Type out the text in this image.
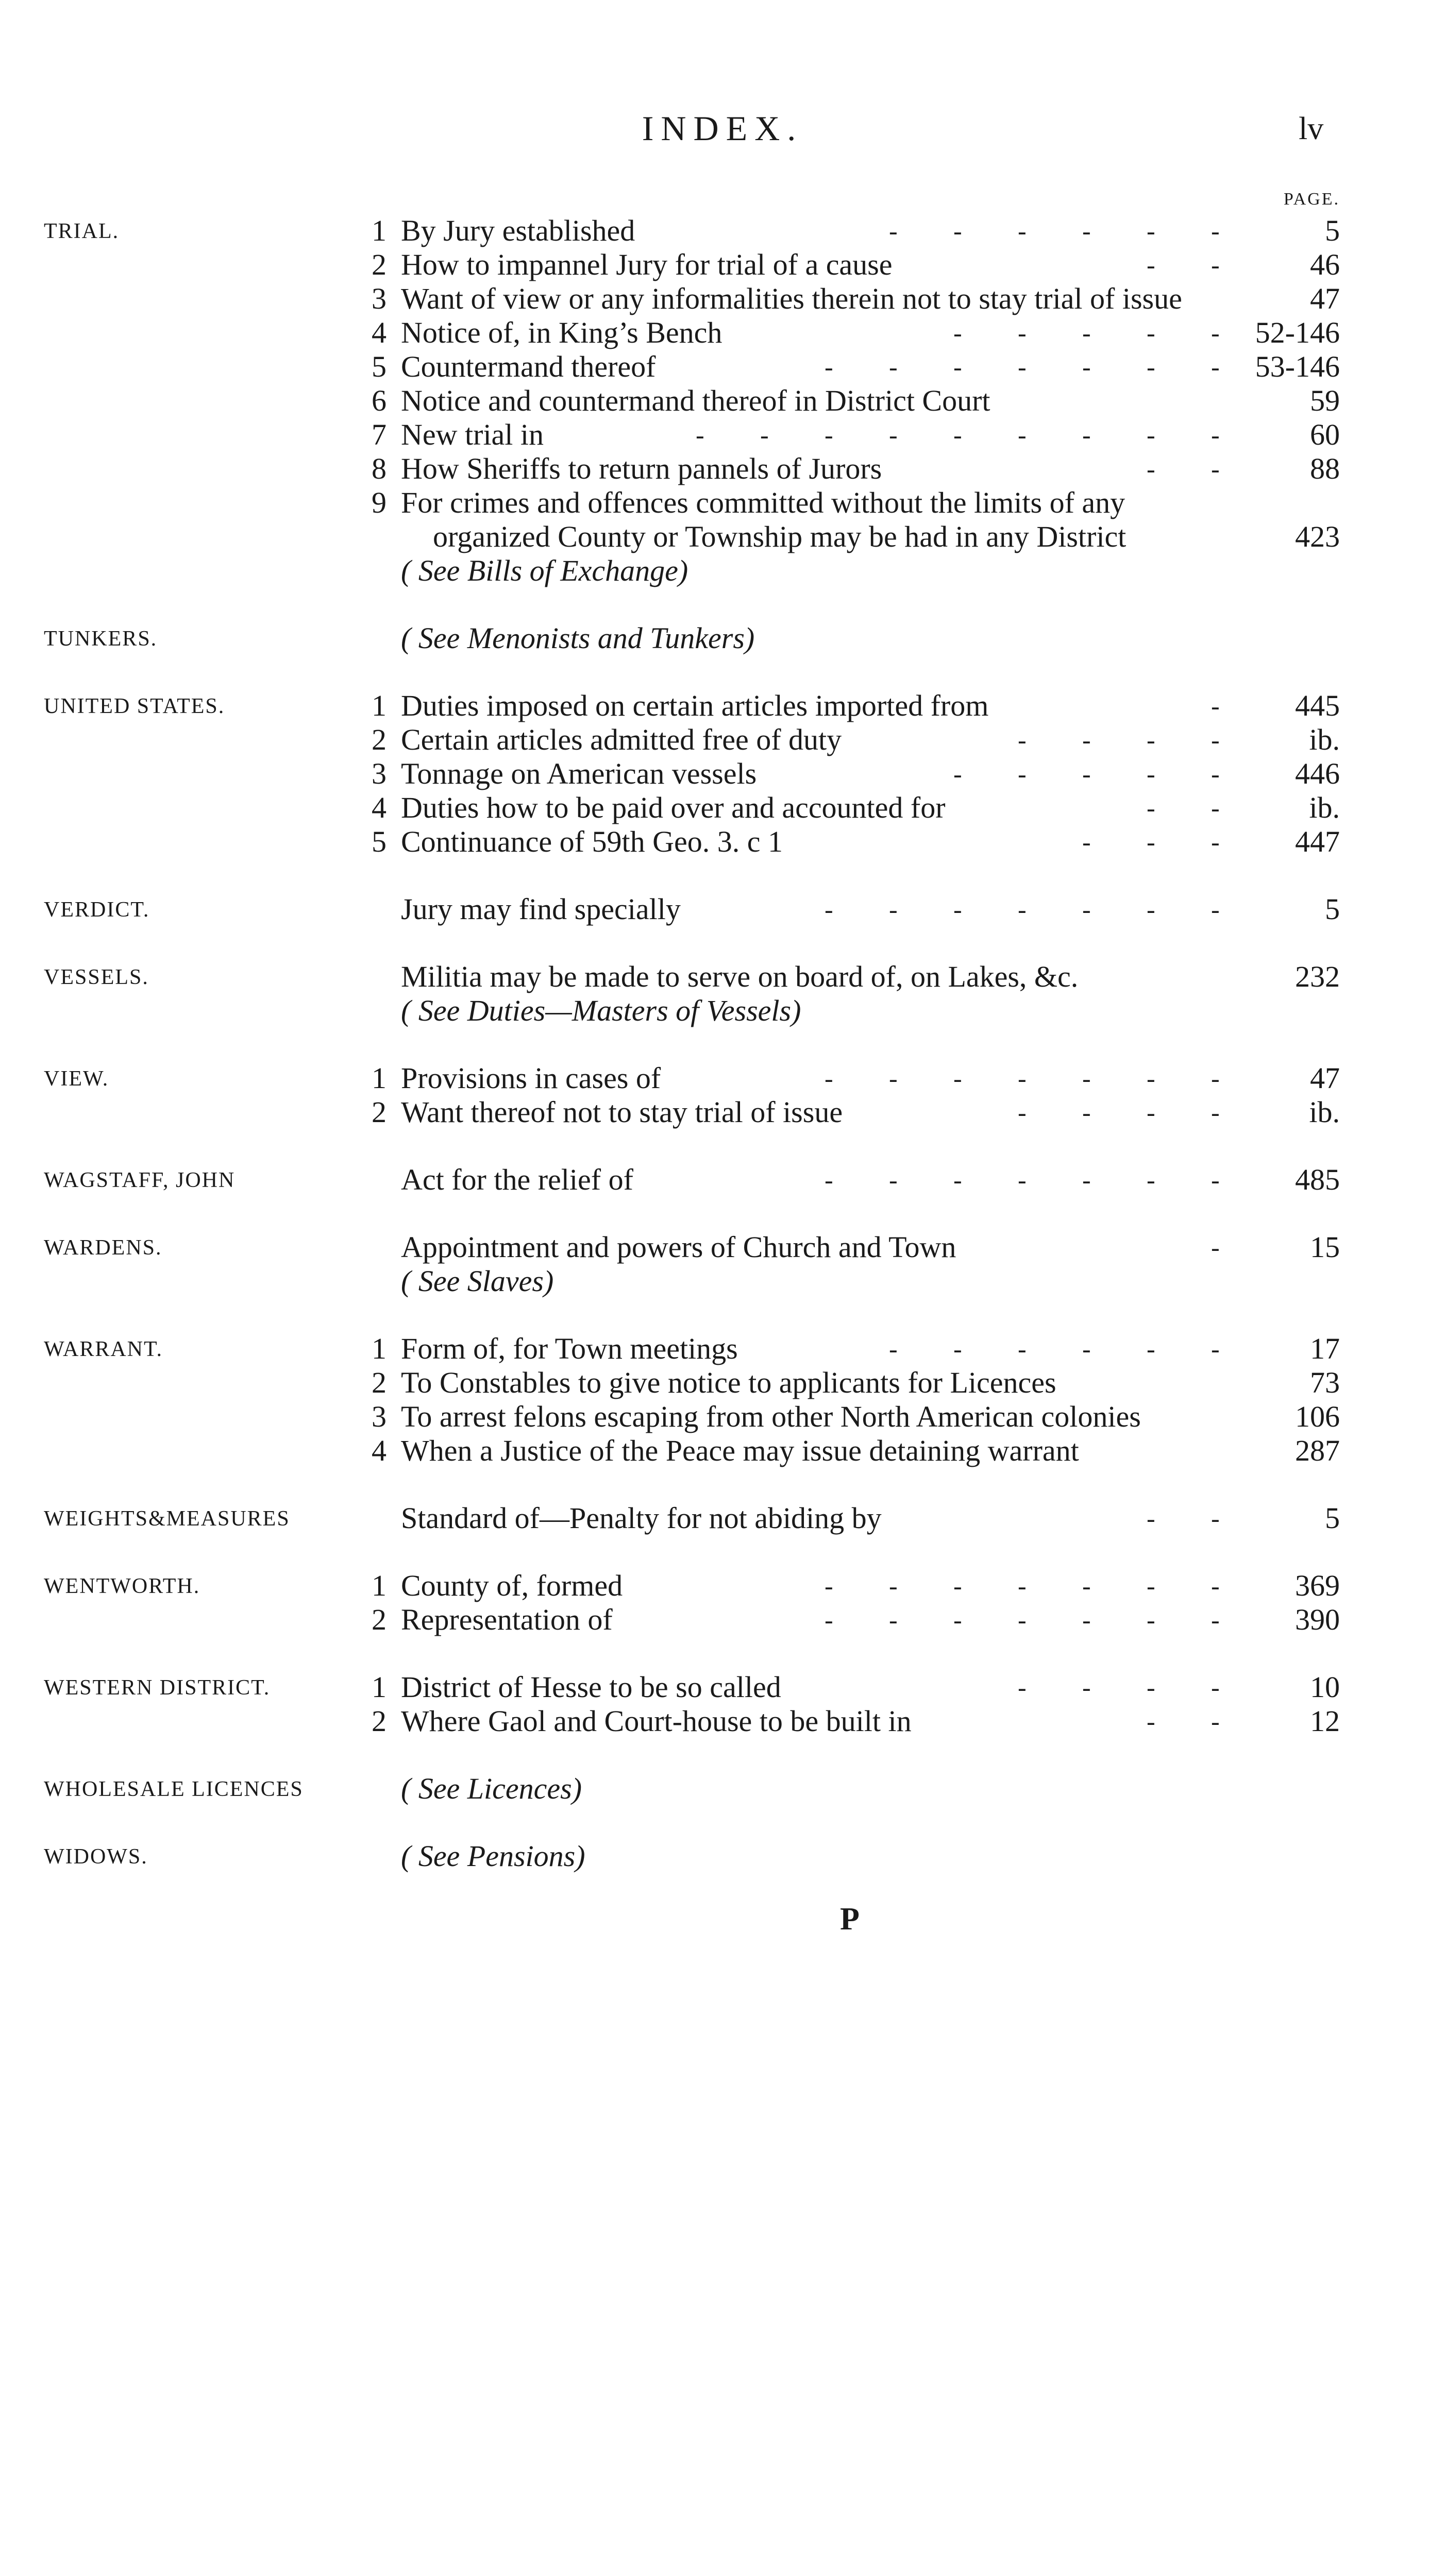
INDEX.	lv
PAGE.
TRIAL.	1 By Jury established	5
- - - - - -
2 How to impannel Jury for trial of a cause	46
- -
3 Want of view or any informalities therein not to stay trial of issue	47
4 Notice of, in King’s Bench	52-146
- - - - -
5 Countermand thereof	53-146
- - - - - - -
6 Notice and countermand thereof in District Court	59
7 New trial in	60
- - - - - - - - -
8 How Sheriffs to return pannels of Jurors	88
- -
9 For crimes and offences committed without the limits of any
organized County or Township may be had in any District	423
( See Bills of Exchange)
TUNKERS.	( See Menonists and Tunkers)
UNITED STATES.	1 Duties imposed on certain articles imported from	445
-
2 Certain articles admitted free of duty	ib.
- - - -
3 Tonnage on American vessels	446
- - - - -
4 Duties how to be paid over and accounted for	ib.
- -
5 Continuance of 59th Geo. 3. c 1	447
- - -
VERDICT.	Jury may find specially	5
- - - - - - -
VESSELS.	Militia may be made to serve on board of, on Lakes, &c.	232
( See Duties—Masters of Vessels)
VIEW.	1 Provisions in cases of	47
- - - - - - -
2 Want thereof not to stay trial of issue	ib.
- - - -
WAGSTAFF, JOHN	Act for the relief of	485
- - - - - - -
WARDENS.	Appointment and powers of Church and Town	15
-
( See Slaves)
WARRANT.	1 Form of, for Town meetings	17
- - - - - -
2 To Constables to give notice to applicants for Licences	73
3 To arrest felons escaping from other North American colonies	106
4 When a Justice of the Peace may issue detaining warrant	287
WEIGHTS&MEASURES	Standard of—Penalty for not abiding by	5
- -
WENTWORTH.	1 County of, formed	369
- - - - - - -
2 Representation of	390
- - - - - - -
WESTERN DISTRICT.	1 District of Hesse to be so called	10
- - - -
2 Where Gaol and Court-house to be built in	12
- -
WHOLESALE LICENCES	( See Licences)
WIDOWS.	( See Pensions)
P
